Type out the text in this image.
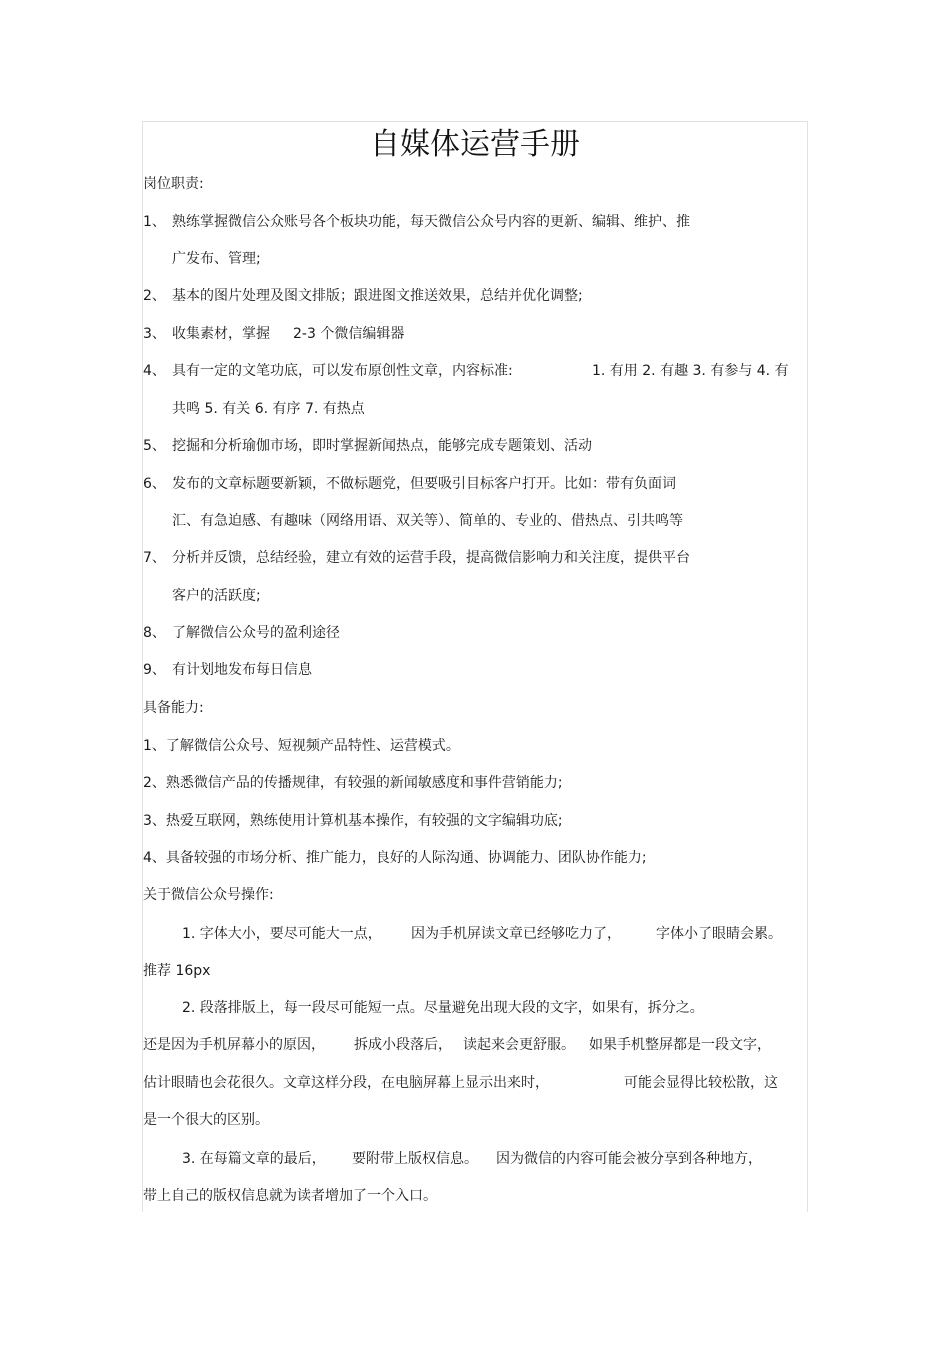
自媒体运营手册
岗位职责:
1、 熟练掌握微信公众账号各个板块功能，每天微信公众号内容的更新、编辑、维护、推
广发布、管理;
2、 基本的图片处理及图文排版；跟进图文推送效果，总结并优化调整;
3、 收集素材，掌握 2-3 个微信编辑器
4、 具有一定的文笔功底，可以发布原创性文章，内容标准:	1. 有用 2. 有趣 3. 有参与 4. 有
共鸣 5. 有关 6. 有序 7. 有热点
5、 挖掘和分析瑜伽市场，即时掌握新闻热点，能够完成专题策划、活动
6、 发布的文章标题要新颖，不做标题党，但要吸引目标客户打开。比如：带有负面词
汇、有急迫感、有趣味（网络用语、双关等）、简单的、专业的、借热点、引共鸣等
7、 分析并反馈，总结经验，建立有效的运营手段，提高微信影响力和关注度，提供平台
客户的活跃度;
8、 了解微信公众号的盈利途径
9、 有计划地发布每日信息
具备能力:
1、了解微信公众号、短视频产品特性、运营模式。
2、熟悉微信产品的传播规律，有较强的新闻敏感度和事件营销能力;
3、热爱互联网，熟练使用计算机基本操作，有较强的文字编辑功底;
4、具备较强的市场分析、推广能力，良好的人际沟通、协调能力、团队协作能力;
关于微信公众号操作:
1. 字体大小，要尽可能大一点， 因为手机屏读文章已经够吃力了，	字体小了眼睛会累。
推荐 16px
2. 段落排版上，每一段尽可能短一点。尽量避免出现大段的文字，如果有，拆分之。
还是因为手机屏幕小的原因， 拆成小段落后， 读起来会更舒服。 如果手机整屏都是一段文字，
估计眼睛也会花很久。文章这样分段，在电脑屏幕上显示出来时，	可能会显得比较松散，这
是一个很大的区别。
3. 在每篇文章的最后， 要附带上版权信息。 因为微信的内容可能会被分享到各种地方，
带上自己的版权信息就为读者增加了一个入口。
